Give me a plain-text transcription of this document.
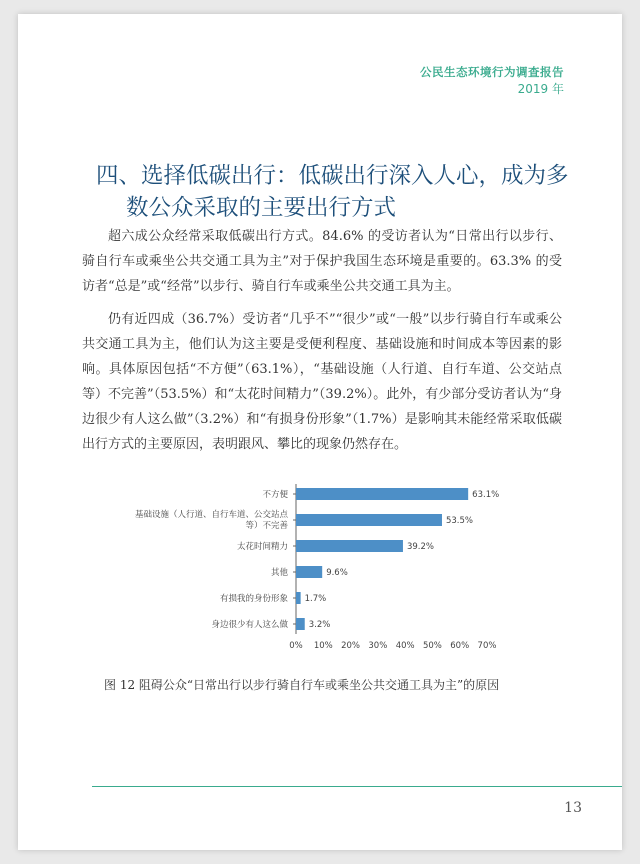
公民生态环境行为调查报告
2019 年
四、选择低碳出行：低碳出行深入人心，成为多
数公众采取的主要出行方式
超六成公众经常采取低碳出行方式。84.6% 的受访者认为“日常出行以步行、骑自行车或乘坐公共交通工具为主”对于保护我国生态环境是重要的。63.3% 的受访者“总是”或“经常”以步行、骑自行车或乘坐公共交通工具为主。
仍有近四成（36.7%）受访者“几乎不”“很少”或“一般”以步行骑自行车或乘公共交通工具为主，他们认为这主要是受便利程度、基础设施和时间成本等因素的影响。具体原因包括“不方便”（63.1%），“基础设施（人行道、自行车道、公交站点等）不完善”（53.5%）和“太花时间精力”（39.2%）。此外，有少部分受访者认为“身边很少有人这么做”（3.2%）和“有损身份形象”（1.7%）是影响其未能经常采取低碳出行方式的主要原因，表明跟风、攀比的现象仍然存在。
不方便	63.1%
基础设施（人行道、自行车道、公交站点等）不完善	53.5%
太花时间精力	39.2%
其他	9.6%
有损我的身份形象 1.7%
身边很少有人这么做 3.2%
0% 10% 20% 30% 40% 50% 60% 70%
图 12 阻碍公众“日常出行以步行骑自行车或乘坐公共交通工具为主”的原因
13
